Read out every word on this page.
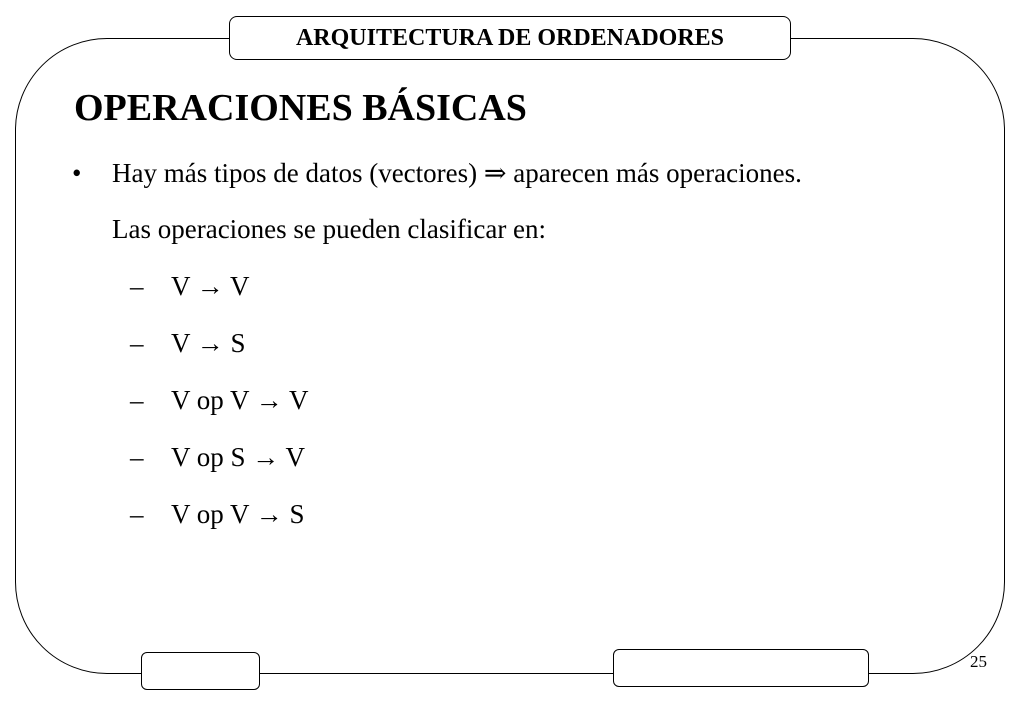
ARQUITECTURA DE ORDENADORES
OPERACIONES BÁSICAS
• Hay más tipos de datos (vectores) ⇒ aparecen más operaciones.
Las operaciones se pueden clasificar en:
– V → V
– V → S
– V op V → V
– V op S → V
– V op V → S
25
